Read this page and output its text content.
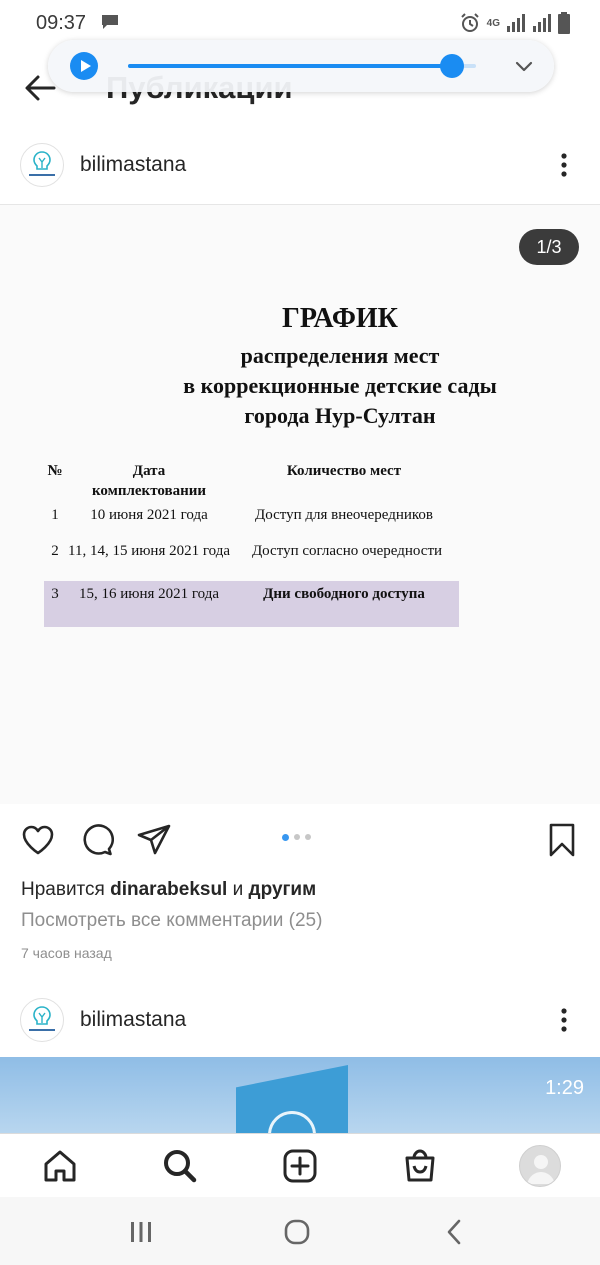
09:37	4G
bilimastana
ГРАФИК
распределения мест
в коррекционные детские сады
города Нур-Султан
№	Дата комплектовании
Количество мест
1	10 июня 2021 года	Доступ для внеочередников
2 11, 14, 15 июня 2021 года	Доступ согласно очередности
3	15, 16 июня 2021 года	Дни свободного доступа
1/3
Нравится dinarabeksul и другим
Посмотреть все комментарии (25)
7 часов назад
bilimastana
1:29
